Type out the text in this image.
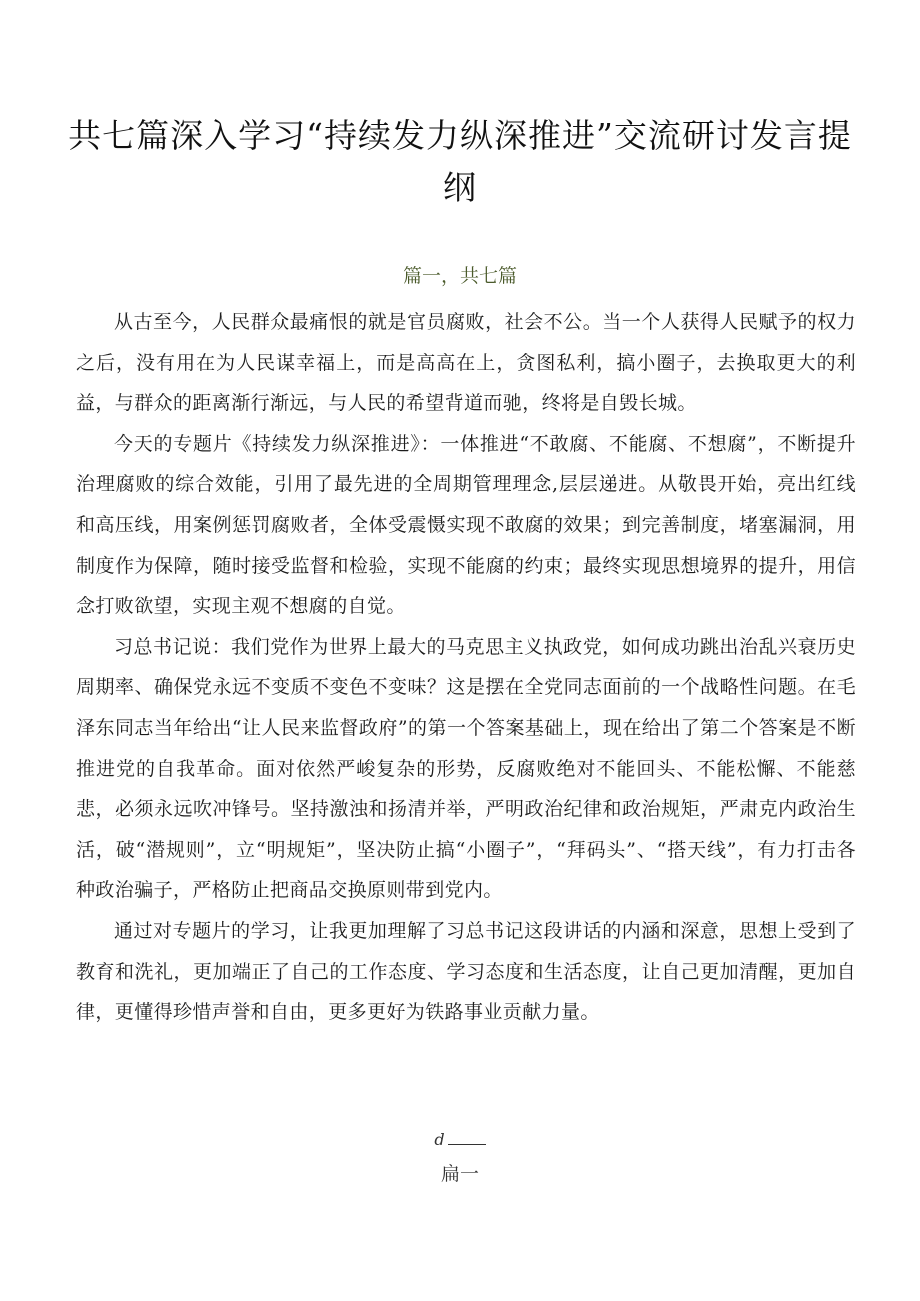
共七篇深入学习“持续发力纵深推进”交流研讨发言提纲
篇一，共七篇

从古至今，人民群众最痛恨的就是官员腐败，社会不公。当一个人获得人民赋予的权力之后，没有用在为人民谋幸福上，而是高高在上，贪图私利，搞小圈子，去换取更大的利益，与群众的距离渐行渐远，与人民的希望背道而驰，终将是自毁长城。

今天的专题片《持续发力纵深推进》：一体推进“不敢腐、不能腐、不想腐”，不断提升治理腐败的综合效能，引用了最先进的全周期管理理念,层层递进。从敬畏开始，亮出红线和高压线，用案例惩罚腐败者，全体受震慑实现不敢腐的效果；到完善制度，堵塞漏洞，用制度作为保障，随时接受监督和检验，实现不能腐的约束；最终实现思想境界的提升，用信念打败欲望，实现主观不想腐的自觉。

习总书记说：我们党作为世界上最大的马克思主义执政党，如何成功跳出治乱兴衰历史周期率、确保党永远不变质不变色不变味？这是摆在全党同志面前的一个战略性问题。在毛泽东同志当年给出“让人民来监督政府”的第一个答案基础上，现在给出了第二个答案是不断推进党的自我革命。面对依然严峻复杂的形势，反腐败绝对不能回头、不能松懈、不能慈悲，必须永远吹冲锋号。坚持激浊和扬清并举，严明政治纪律和政治规矩，严肃克内政治生活，破“潜规则”，立“明规矩”，坚决防止搞“小圈子”，“拜码头”、“搭天线”，有力打击各种政治骗子，严格防止把商品交换原则带到党内。

通过对专题片的学习，让我更加理解了习总书记这段讲话的内涵和深意，思想上受到了教育和洗礼，更加端正了自己的工作态度、学习态度和生活态度，让自己更加清醒，更加自律，更懂得珍惜声誉和自由，更多更好为铁路事业贡献力量。

d
扁一
